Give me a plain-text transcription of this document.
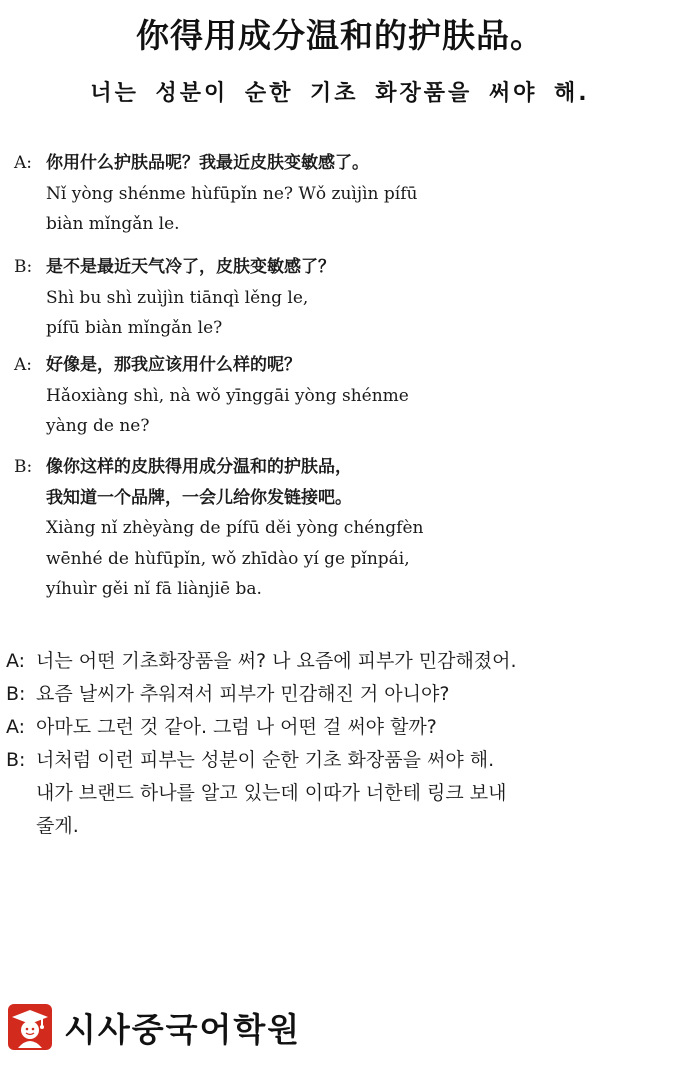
你得用成分温和的护肤品。
너는 성분이 순한 기초 화장품을 써야 해.
A: 你用什么护肤品呢？我最近皮肤变敏感了。
Nǐ yòng shénme hùfūpǐn ne? Wǒ zuìjìn pífū
biàn mǐngǎn le.
B: 是不是最近天气冷了，皮肤变敏感了？
Shì bu shì zuìjìn tiānqì lěng le,
pífū biàn mǐngǎn le?
A: 好像是，那我应该用什么样的呢？
Hǎoxiàng shì, nà wǒ yīnggāi yòng shénme
yàng de ne?
B: 像你这样的皮肤得用成分温和的护肤品，
我知道一个品牌，一会儿给你发链接吧。
Xiàng nǐ zhèyàng de pífū děi yòng chéngfèn
wēnhé de hùfūpǐn, wǒ zhīdào yí ge pǐnpái,
yíhuìr gěi nǐ fā liànjiē ba.
A: 너는 어떤 기초화장품을 써? 나 요즘에 피부가 민감해졌어.
B: 요즘 날씨가 추워져서 피부가 민감해진 거 아니야?
A: 아마도 그런 것 같아. 그럼 나 어떤 걸 써야 할까?
B: 너처럼 이런 피부는 성분이 순한 기초 화장품을 써야 해.
내가 브랜드 하나를 알고 있는데 이따가 너한테 링크 보내
줄게.
시사중국어학원
